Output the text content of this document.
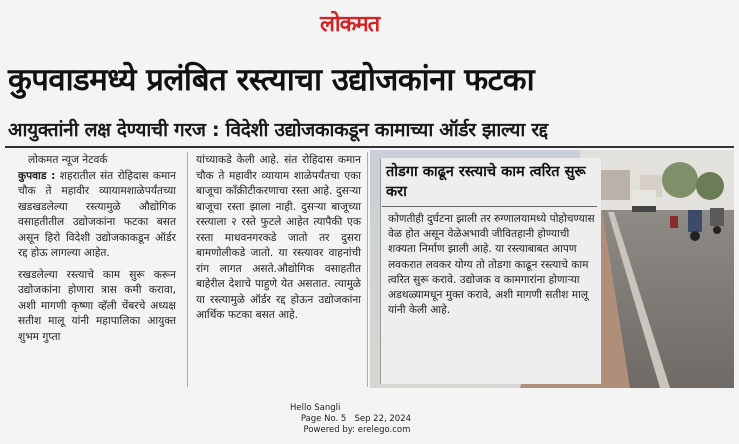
लोकमत
कुपवाडमध्ये प्रलंबित रस्त्याचा उद्योजकांना फटका
आयुक्तांनी लक्ष देण्याची गरज : विदेशी उद्योजकाकडून कामाच्या ऑर्डर झाल्या रद्द
लोकमत न्यूज नेटवर्क
कुपवाड : शहरातील संत रोहिदास कमान चौक ते महावीर व्यायामशाळेपर्यंतच्या खडखडलेल्या रस्त्यामुळे औद्योगिक वसाहतीतील उद्योजकांना फटका बसत असून हिरो विदेशी उद्योजकाकडून ऑर्डर रद्द होऊ लागल्या आहेत.
रखडलेल्या रस्त्याचे काम सुरू करून उद्योजकांना होणारा त्रास कमी करावा, अशी मागणी कृष्णा व्हॅली चेंबरचे अध्यक्ष सतीश मालू यांनी महापालिका आयुक्त शुभम गुप्ता
यांच्याकडे केली आहे. संत रोहिदास कमान चौक ते महावीर व्यायाम शाळेपर्यंतचा एका बाजूचा काँक्रीटीकरणाचा रस्ता आहे. दुसऱ्या बाजूचा रस्ता झाला नाही. दुसऱ्या बाजूच्या रस्त्याला २ रस्ते फुटले आहेत त्यापैकी एक रस्ता माधवनगरकडे जातो तर दुसरा बामणोलीकडे जातो. या रस्त्यावर वाहनांची रांग लागत असते.औद्योगिक वसाहतीत बाहेरील देशाचे पाहुणे येत असतात. त्यामुळे या रस्त्यामुळे ऑर्डर रद्द होऊन उद्योजकांना आर्थिक फटका बसत आहे.
तोडगा काढून रस्त्याचे काम त्वरित सुरू करा
कोणतीही दुर्घटना झाली तर रुग्णालयामध्ये पोहोचण्यास वेळ होत असून वेळेअभावी जीवितहानी होण्याची शक्यता निर्माण झाली आहे. या रस्त्याबाबत आपण लवकरात लवकर योग्य तो तोडगा काढून रस्त्याचे काम त्वरित सुरू करावे. उद्योजक व कामगारांना होणाऱ्या अडथळ्यामधून मुक्त करावे, अशी मागणी सतीश मालू यांनी केली आहे.
Hello Sangli
Page No. 5 Sep 22, 2024
Powered by: erelego.com
